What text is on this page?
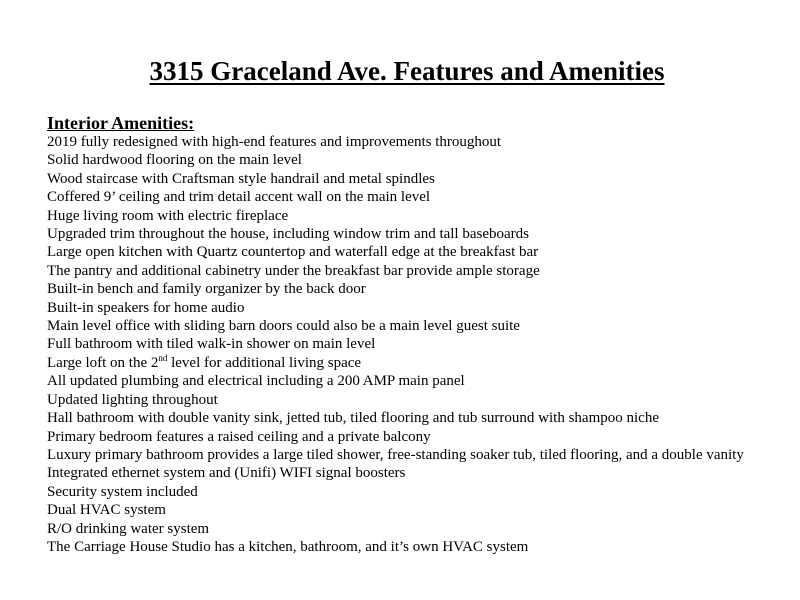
3315 Graceland Ave. Features and Amenities
Interior Amenities:
2019 fully redesigned with high-end features and improvements throughout
Solid hardwood flooring on the main level
Wood staircase with Craftsman style handrail and metal spindles
Coffered 9’ ceiling and trim detail accent wall on the main level
Huge living room with electric fireplace
Upgraded trim throughout the house, including window trim and tall baseboards
Large open kitchen with Quartz countertop and waterfall edge at the breakfast bar
The pantry and additional cabinetry under the breakfast bar provide ample storage
Built-in bench and family organizer by the back door
Built-in speakers for home audio
Main level office with sliding barn doors could also be a main level guest suite
Full bathroom with tiled walk-in shower on main level
Large loft on the 2nd level for additional living space
All updated plumbing and electrical including a 200 AMP main panel
Updated lighting throughout
Hall bathroom with double vanity sink, jetted tub, tiled flooring and tub surround with shampoo niche
Primary bedroom features a raised ceiling and a private balcony
Luxury primary bathroom provides a large tiled shower, free-standing soaker tub, tiled flooring, and a double vanity
Integrated ethernet system and (Unifi) WIFI signal boosters
Security system included
Dual HVAC system
R/O drinking water system
The Carriage House Studio has a kitchen, bathroom, and it’s own HVAC system
